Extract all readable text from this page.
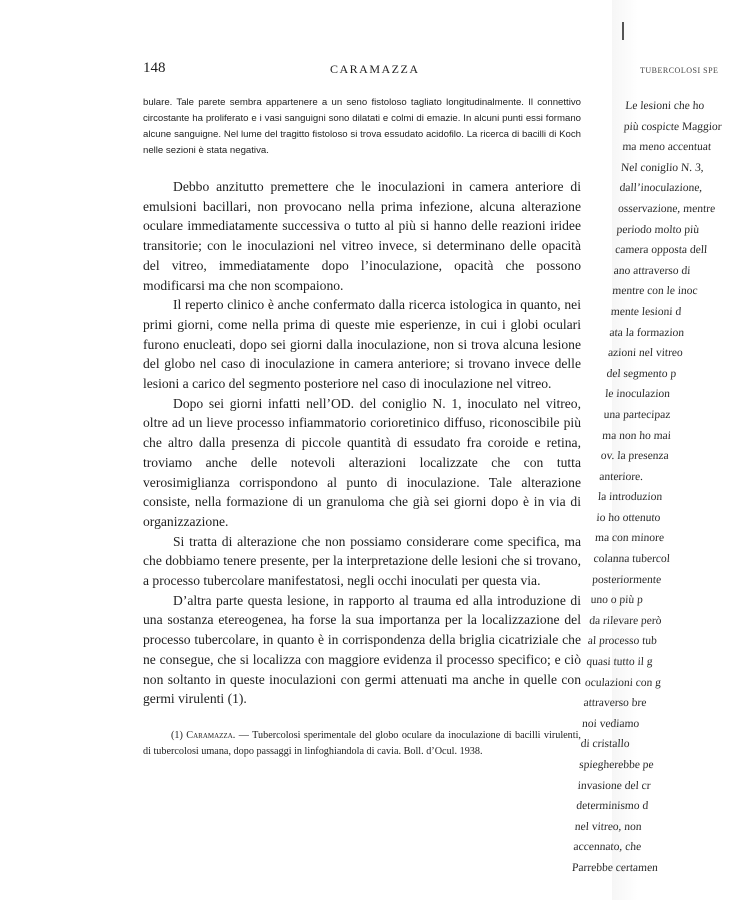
TUBERCOLOSI SPE
Le lesioni che ho
più cospicte Maggior
ma meno accentuat
Nel coniglio N. 3,
dall’inoculazione,
osservazione, mentre
periodo molto più
camera opposta dell
ano attraverso di
mentre con le inoc
mente lesioni d
ata la formazion
azioni nel vitreo
del segmento p
le inoculazion
una partecipaz
ma non ho mai
ov. la presenza
anteriore.
la introduzion
io ho ottenuto
ma con minore
colanna tubercol
posteriormente
uno o più p
da rilevare però
al processo tub
quasi tutto il g
oculazioni con g
attraverso bre
noi vediamo
di cristallo
spiegherebbe pe
invasione del cr
determinismo d
nel vitreo, non
accennato, che
Parrebbe certamen
148	CARAMAZZA

bulare. Tale parete sembra appartenere a un seno fistoloso tagliato longitudinalmente. Il connettivo circostante ha proliferato e i vasi sanguigni sono dilatati e colmi di emazie. In alcuni punti essi formano alcune sanguigne. Nel lume del tragitto fistoloso si trova essudato acidofilo. La ricerca di bacilli di Koch nelle sezioni è stata negativa.

Debbo anzitutto premettere che le inoculazioni in camera anteriore di emulsioni bacillari, non provocano nella prima infezione, alcuna alterazione oculare immediatamente successiva o tutto al più si hanno delle reazioni iridee transitorie; con le inoculazioni nel vitreo invece, si determinano delle opacità del vitreo, immediatamente dopo l’inoculazione, opacità che possono modificarsi ma che non scompaiono.

Il reperto clinico è anche confermato dalla ricerca istologica in quanto, nei primi giorni, come nella prima di queste mie esperienze, in cui i globi oculari furono enucleati, dopo sei giorni dalla inoculazione, non si trova alcuna lesione del globo nel caso di inoculazione in camera anteriore; si trovano invece delle lesioni a carico del segmento posteriore nel caso di inoculazione nel vitreo.

Dopo sei giorni infatti nell’OD. del coniglio N. 1, inoculato nel vitreo, oltre ad un lieve processo infiammatorio corioretinico diffuso, riconoscibile più che altro dalla presenza di piccole quantità di essudato fra coroide e retina, troviamo anche delle notevoli alterazioni localizzate che con tutta verosimiglianza corrispondono al punto di inoculazione. Tale alterazione consiste, nella formazione di un granuloma che già sei giorni dopo è in via di organizzazione.

Si tratta di alterazione che non possiamo considerare come specifica, ma che dobbiamo tenere presente, per la interpretazione delle lesioni che si trovano, a processo tubercolare manifestatosi, negli occhi inoculati per questa via.

D’altra parte questa lesione, in rapporto al trauma ed alla introduzione di una sostanza etereogenea, ha forse la sua importanza per la localizzazione del processo tubercolare, in quanto è in corrispondenza della briglia cicatriziale che ne consegue, che si localizza con maggiore evidenza il processo specifico; e ciò non soltanto in queste inoculazioni con germi attenuati ma anche in quelle con germi virulenti (1).

(1) Caramazza. — Tubercolosi sperimentale del globo oculare da inoculazione di bacilli virulenti, di tubercolosi umana, dopo passaggi in linfoghiandola di cavia. Boll. d’Ocul. 1938.
